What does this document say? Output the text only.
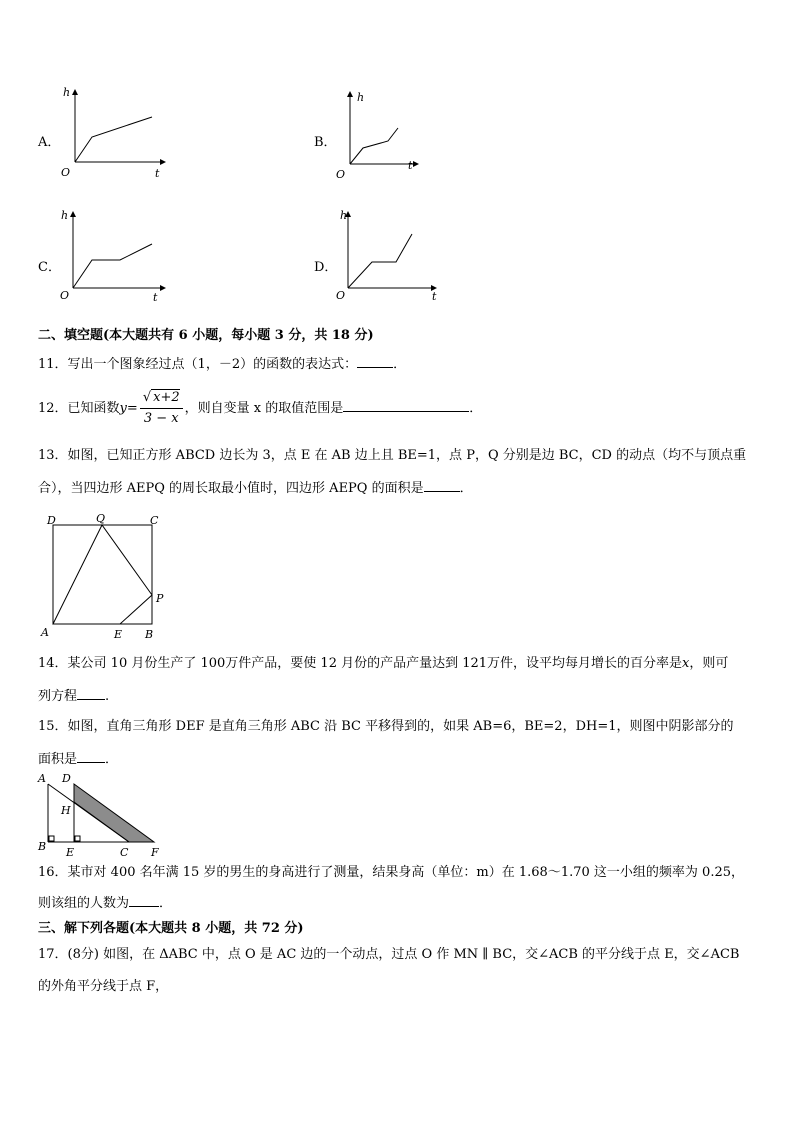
A．
h
t
O
B．
h
t
O
C．
h
t
O
D．
h
t
O
二、填空题(本大题共有 6 小题，每小题 3 分，共 18 分)
11．写出一个图象经过点（1，－2）的函数的表达式：	．
12．已知函数$y= \frac{√ x+2}{3 - x}$ ，则自变量 x 的取值范围是	．
13．如图，已知正方形 ABCD 边长为 3，点 E 在 AB 边上且 BE=1，点 P，Q 分别是边 BC，CD 的动点（均不与顶点重
合），当四边形 AEPQ 的周长取最小值时，四边形 AEPQ 的面积是	．
D	Q	C
P
A	E B
14．某公司 10 月份生产了 100万件产品，要使 12 月份的产品产量达到 121万件，设平均每月增长的百分率是x，则可
列方程 .
15．如图，直角三角形 DEF 是直角三角形 ABC 沿 BC 平移得到的，如果 AB=6，BE=2，DH=1，则图中阴影部分的
面积是 ．
A D
H
B E	C F
16．某市对 400 名年满 15 岁的男生的身高进行了测量，结果身高（单位：m）在 1.68～1.70 这一小组的频率为 0.25，
则该组的人数为 ．
三、解下列各题(本大题共 8 小题，共 72 分)
17．(8分) 如图，在 ΔABC 中，点 O 是 AC 边的一个动点，过点 O 作 MN ∥ BC，交∠ACB 的平分线于点 E，交∠ACB
的外角平分线于点 F，
